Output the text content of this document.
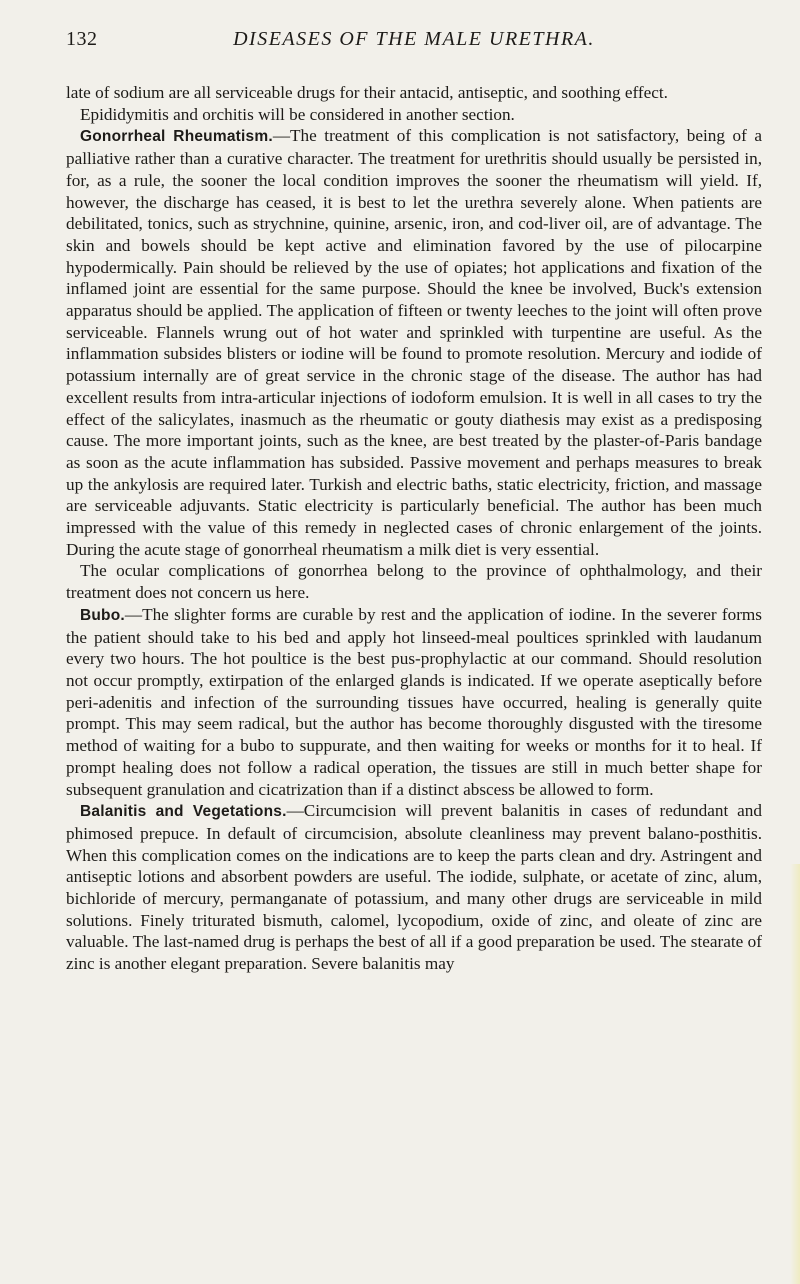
132	DISEASES OF THE MALE URETHRA.

late of sodium are all serviceable drugs for their antacid, antiseptic, and soothing effect.

Epididymitis and orchitis will be considered in another section.

Gonorrheal Rheumatism.—The treatment of this complication is not satisfactory, being of a palliative rather than a curative character. The treatment for urethritis should usually be persisted in, for, as a rule, the sooner the local condition improves the sooner the rheumatism will yield. If, however, the discharge has ceased, it is best to let the urethra severely alone. When patients are debilitated, tonics, such as strychnine, quinine, arsenic, iron, and cod-liver oil, are of advantage. The skin and bowels should be kept active and elimination favored by the use of pilocarpine hypodermically. Pain should be relieved by the use of opiates; hot applications and fixation of the inflamed joint are essential for the same purpose. Should the knee be involved, Buck's extension apparatus should be applied. The application of fifteen or twenty leeches to the joint will often prove serviceable. Flannels wrung out of hot water and sprinkled with turpentine are useful. As the inflammation subsides blisters or iodine will be found to promote resolution. Mercury and iodide of potassium internally are of great service in the chronic stage of the disease. The author has had excellent results from intra-articular injections of iodoform emulsion. It is well in all cases to try the effect of the salicylates, inasmuch as the rheumatic or gouty diathesis may exist as a predisposing cause. The more important joints, such as the knee, are best treated by the plaster-of-Paris bandage as soon as the acute inflammation has subsided. Passive movement and perhaps measures to break up the ankylosis are required later. Turkish and electric baths, static electricity, friction, and massage are serviceable adjuvants. Static electricity is particularly beneficial. The author has been much impressed with the value of this remedy in neglected cases of chronic enlargement of the joints. During the acute stage of gonorrheal rheumatism a milk diet is very essential.

The ocular complications of gonorrhea belong to the province of ophthalmology, and their treatment does not concern us here.

Bubo.—The slighter forms are curable by rest and the application of iodine. In the severer forms the patient should take to his bed and apply hot linseed-meal poultices sprinkled with laudanum every two hours. The hot poultice is the best pus-prophylactic at our command. Should resolution not occur promptly, extirpation of the enlarged glands is indicated. If we operate aseptically before peri-adenitis and infection of the surrounding tissues have occurred, healing is generally quite prompt. This may seem radical, but the author has become thoroughly disgusted with the tiresome method of waiting for a bubo to suppurate, and then waiting for weeks or months for it to heal. If prompt healing does not follow a radical operation, the tissues are still in much better shape for subsequent granulation and cicatrization than if a distinct abscess be allowed to form.

Balanitis and Vegetations.—Circumcision will prevent balanitis in cases of redundant and phimosed prepuce. In default of circumcision, absolute cleanliness may prevent balano-posthitis. When this complication comes on the indications are to keep the parts clean and dry. Astringent and antiseptic lotions and absorbent powders are useful. The iodide, sulphate, or acetate of zinc, alum, bichloride of mercury, permanganate of potassium, and many other drugs are serviceable in mild solutions. Finely triturated bismuth, calomel, lycopodium, oxide of zinc, and oleate of zinc are valuable. The last-named drug is perhaps the best of all if a good preparation be used. The stearate of zinc is another elegant preparation. Severe balanitis may
